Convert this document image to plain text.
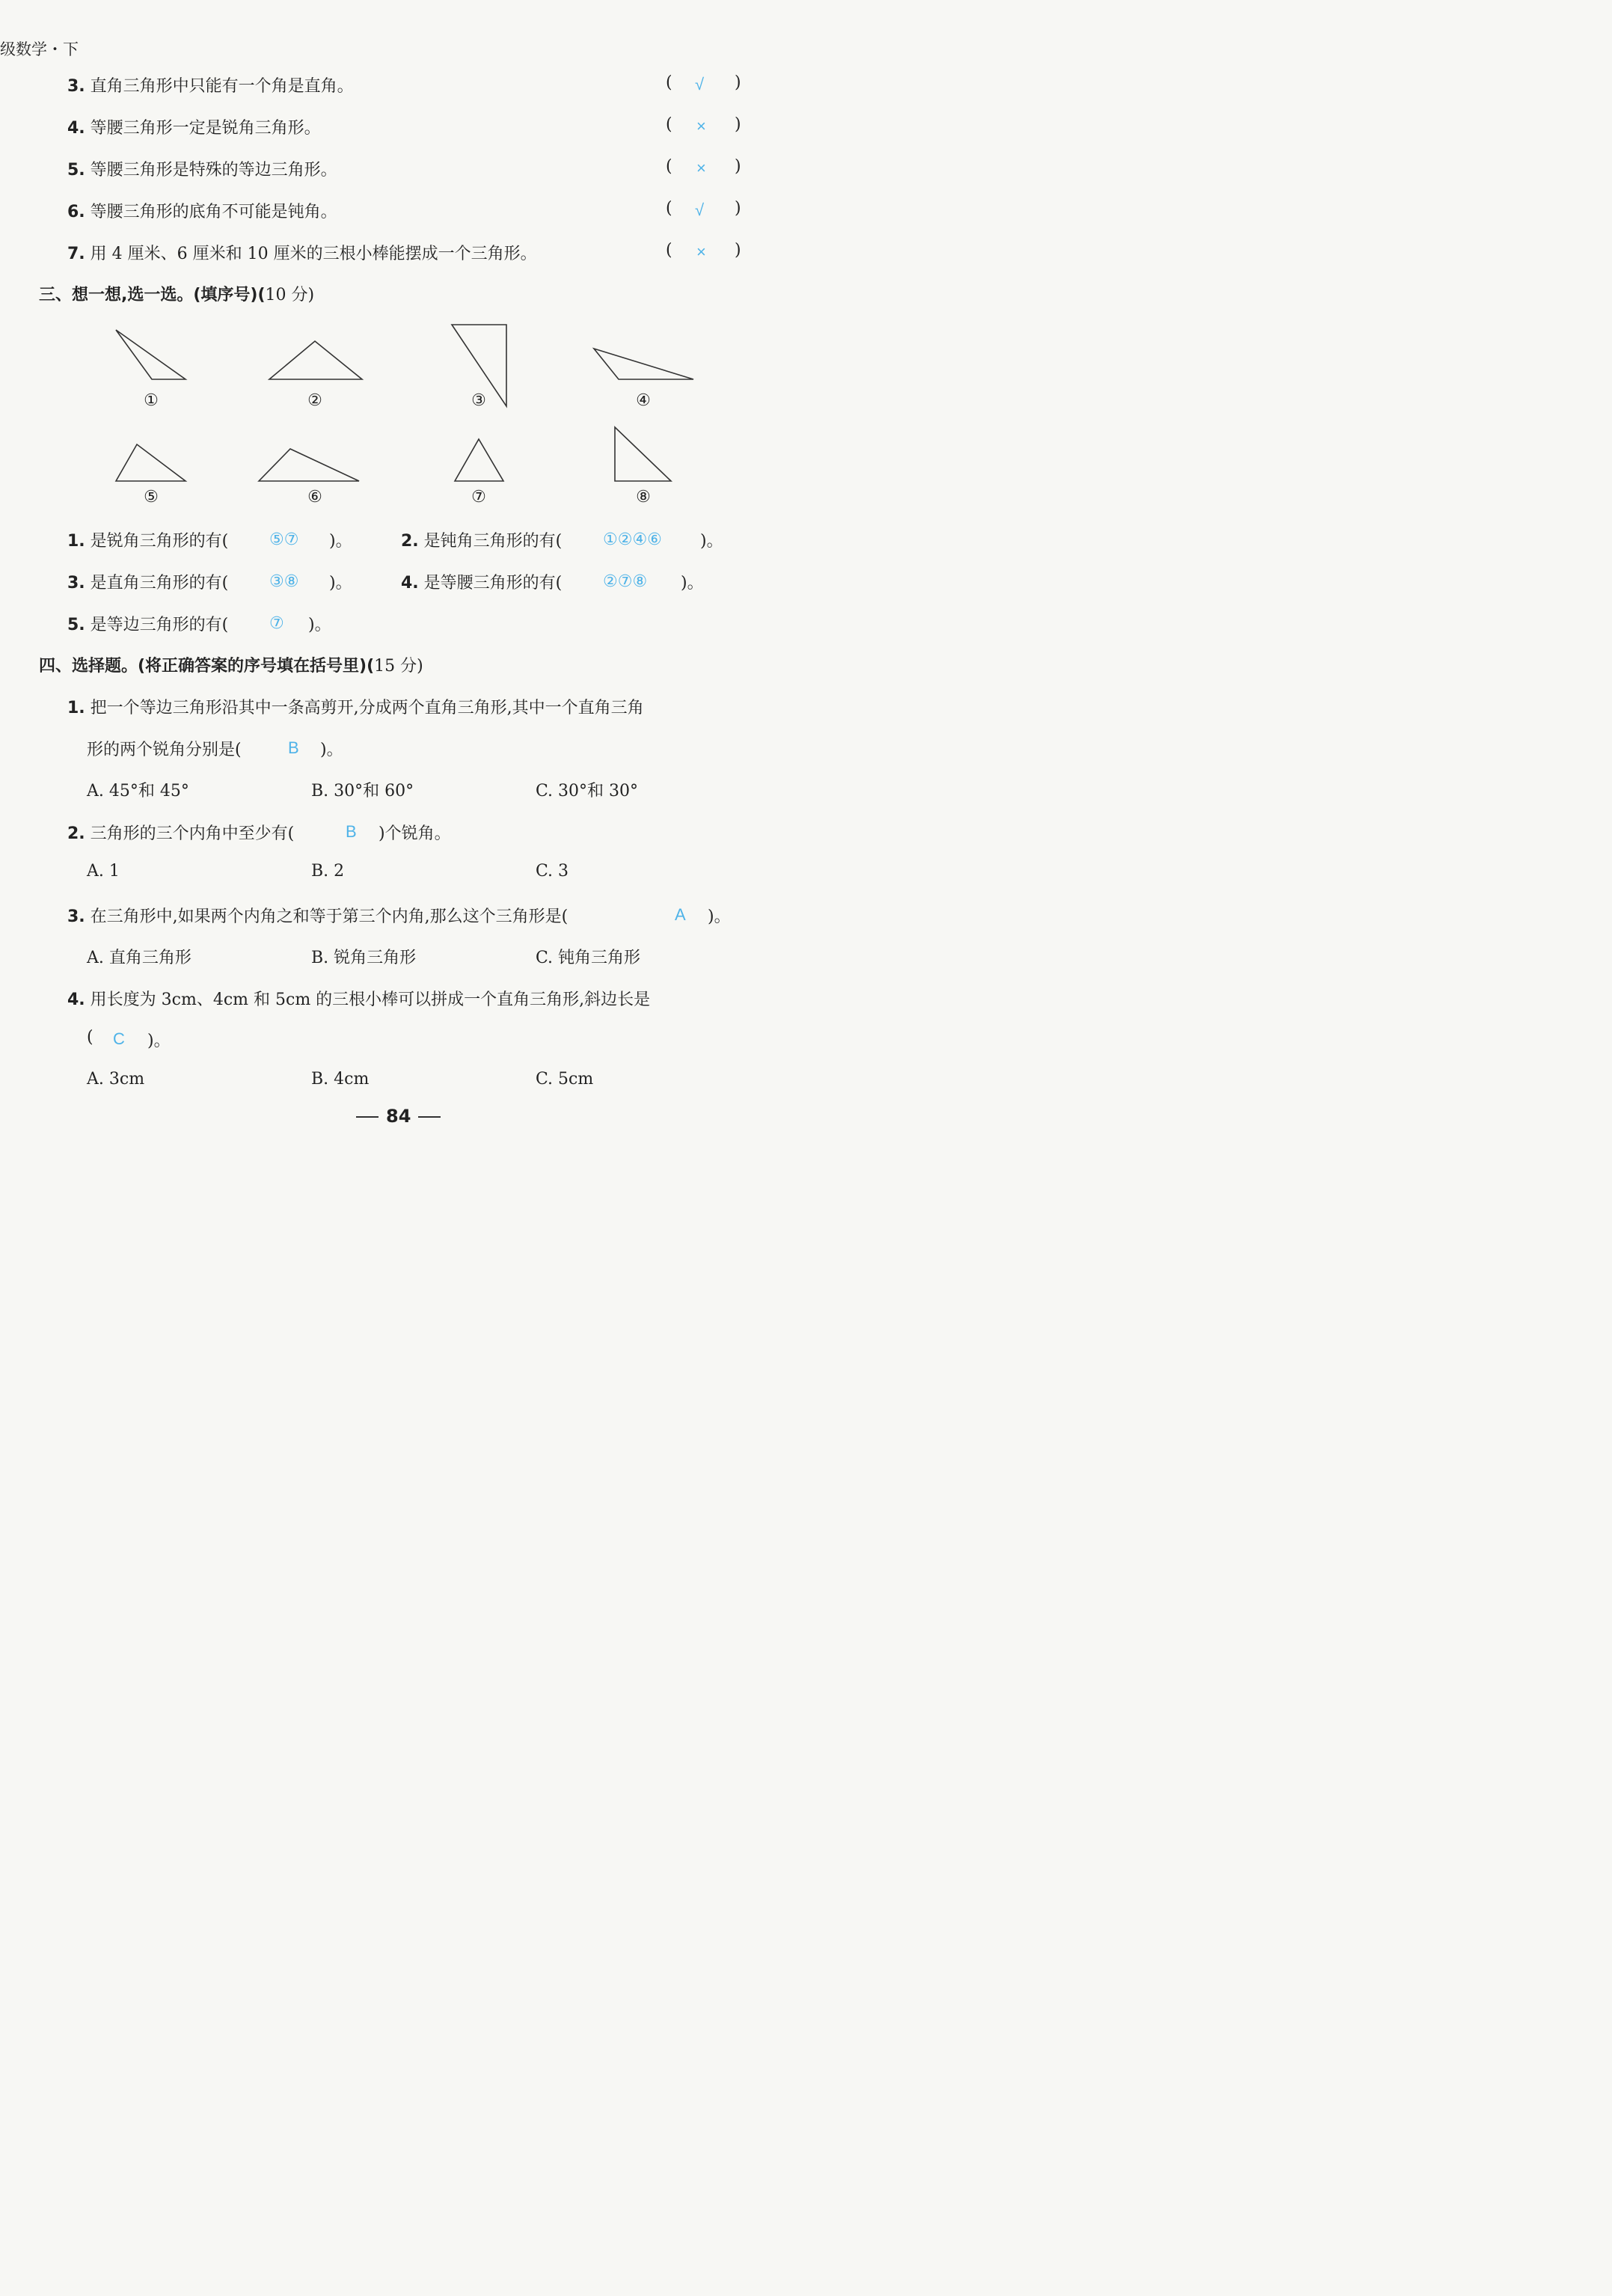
级数学・下
3. 直角三角形中只能有一个角是直角。	( √ )
4. 等腰三角形一定是锐角三角形。	( × )
5. 等腰三角形是特殊的等边三角形。	( × )
6. 等腰三角形的底角不可能是钝角。	( √ )
7. 用 4 厘米、6 厘米和 10 厘米的三根小棒能摆成一个三角形。	( × )
三、想一想,选一选。(填序号)(10 分)
①	②	③	④
⑤	⑥	⑦	⑧
1. 是锐角三角形的有( ⑤⑦ )。	2. 是钝角三角形的有( ①②④⑥ )。
3. 是直角三角形的有( ③⑧ )。	4. 是等腰三角形的有( ②⑦⑧ )。
5. 是等边三角形的有( ⑦ )。
四、选择题。(将正确答案的序号填在括号里)(15 分)
1. 把一个等边三角形沿其中一条高剪开,分成两个直角三角形,其中一个直角三角
形的两个锐角分别是(	B )。
A. 45°和 45°	B. 30°和 60°	C. 30°和 30°
2. 三角形的三个内角中至少有(	B )个锐角。
A. 1	B. 2	C. 3
3. 在三角形中,如果两个内角之和等于第三个内角,那么这个三角形是(	A )。
A. 直角三角形	B. 锐角三角形	C. 钝角三角形
4. 用长度为 3cm、4cm 和 5cm 的三根小棒可以拼成一个直角三角形,斜边长是
( C )。
A. 3cm	B. 4cm	C. 5cm
84
